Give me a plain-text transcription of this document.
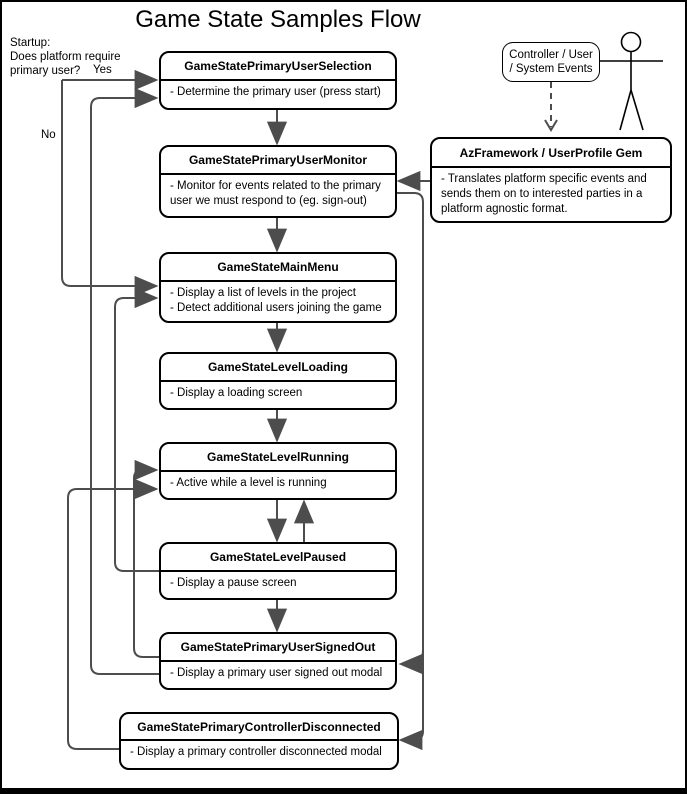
Game State Samples Flow
Startup:
Does platform require
primary user?	Yes
No
GameStatePrimaryUserSelection
- Determine the primary user (press start)
GameStatePrimaryUserMonitor
- Monitor for events related to the primary
user we must respond to (eg. sign-out)
GameStateMainMenu
- Display a list of levels in the project
- Detect additional users joining the game
GameStateLevelLoading
- Display a loading screen
GameStateLevelRunning
- Active while a level is running
GameStateLevelPaused
- Display a pause screen
GameStatePrimaryUserSignedOut
- Display a primary user signed out modal
GameStatePrimaryControllerDisconnected
- Display a primary controller disconnected modal
AzFramework / UserProfile Gem
- Translates platform specific events and
sends them on to interested parties in a
platform agnostic format.
Controller / User
/ System Events
